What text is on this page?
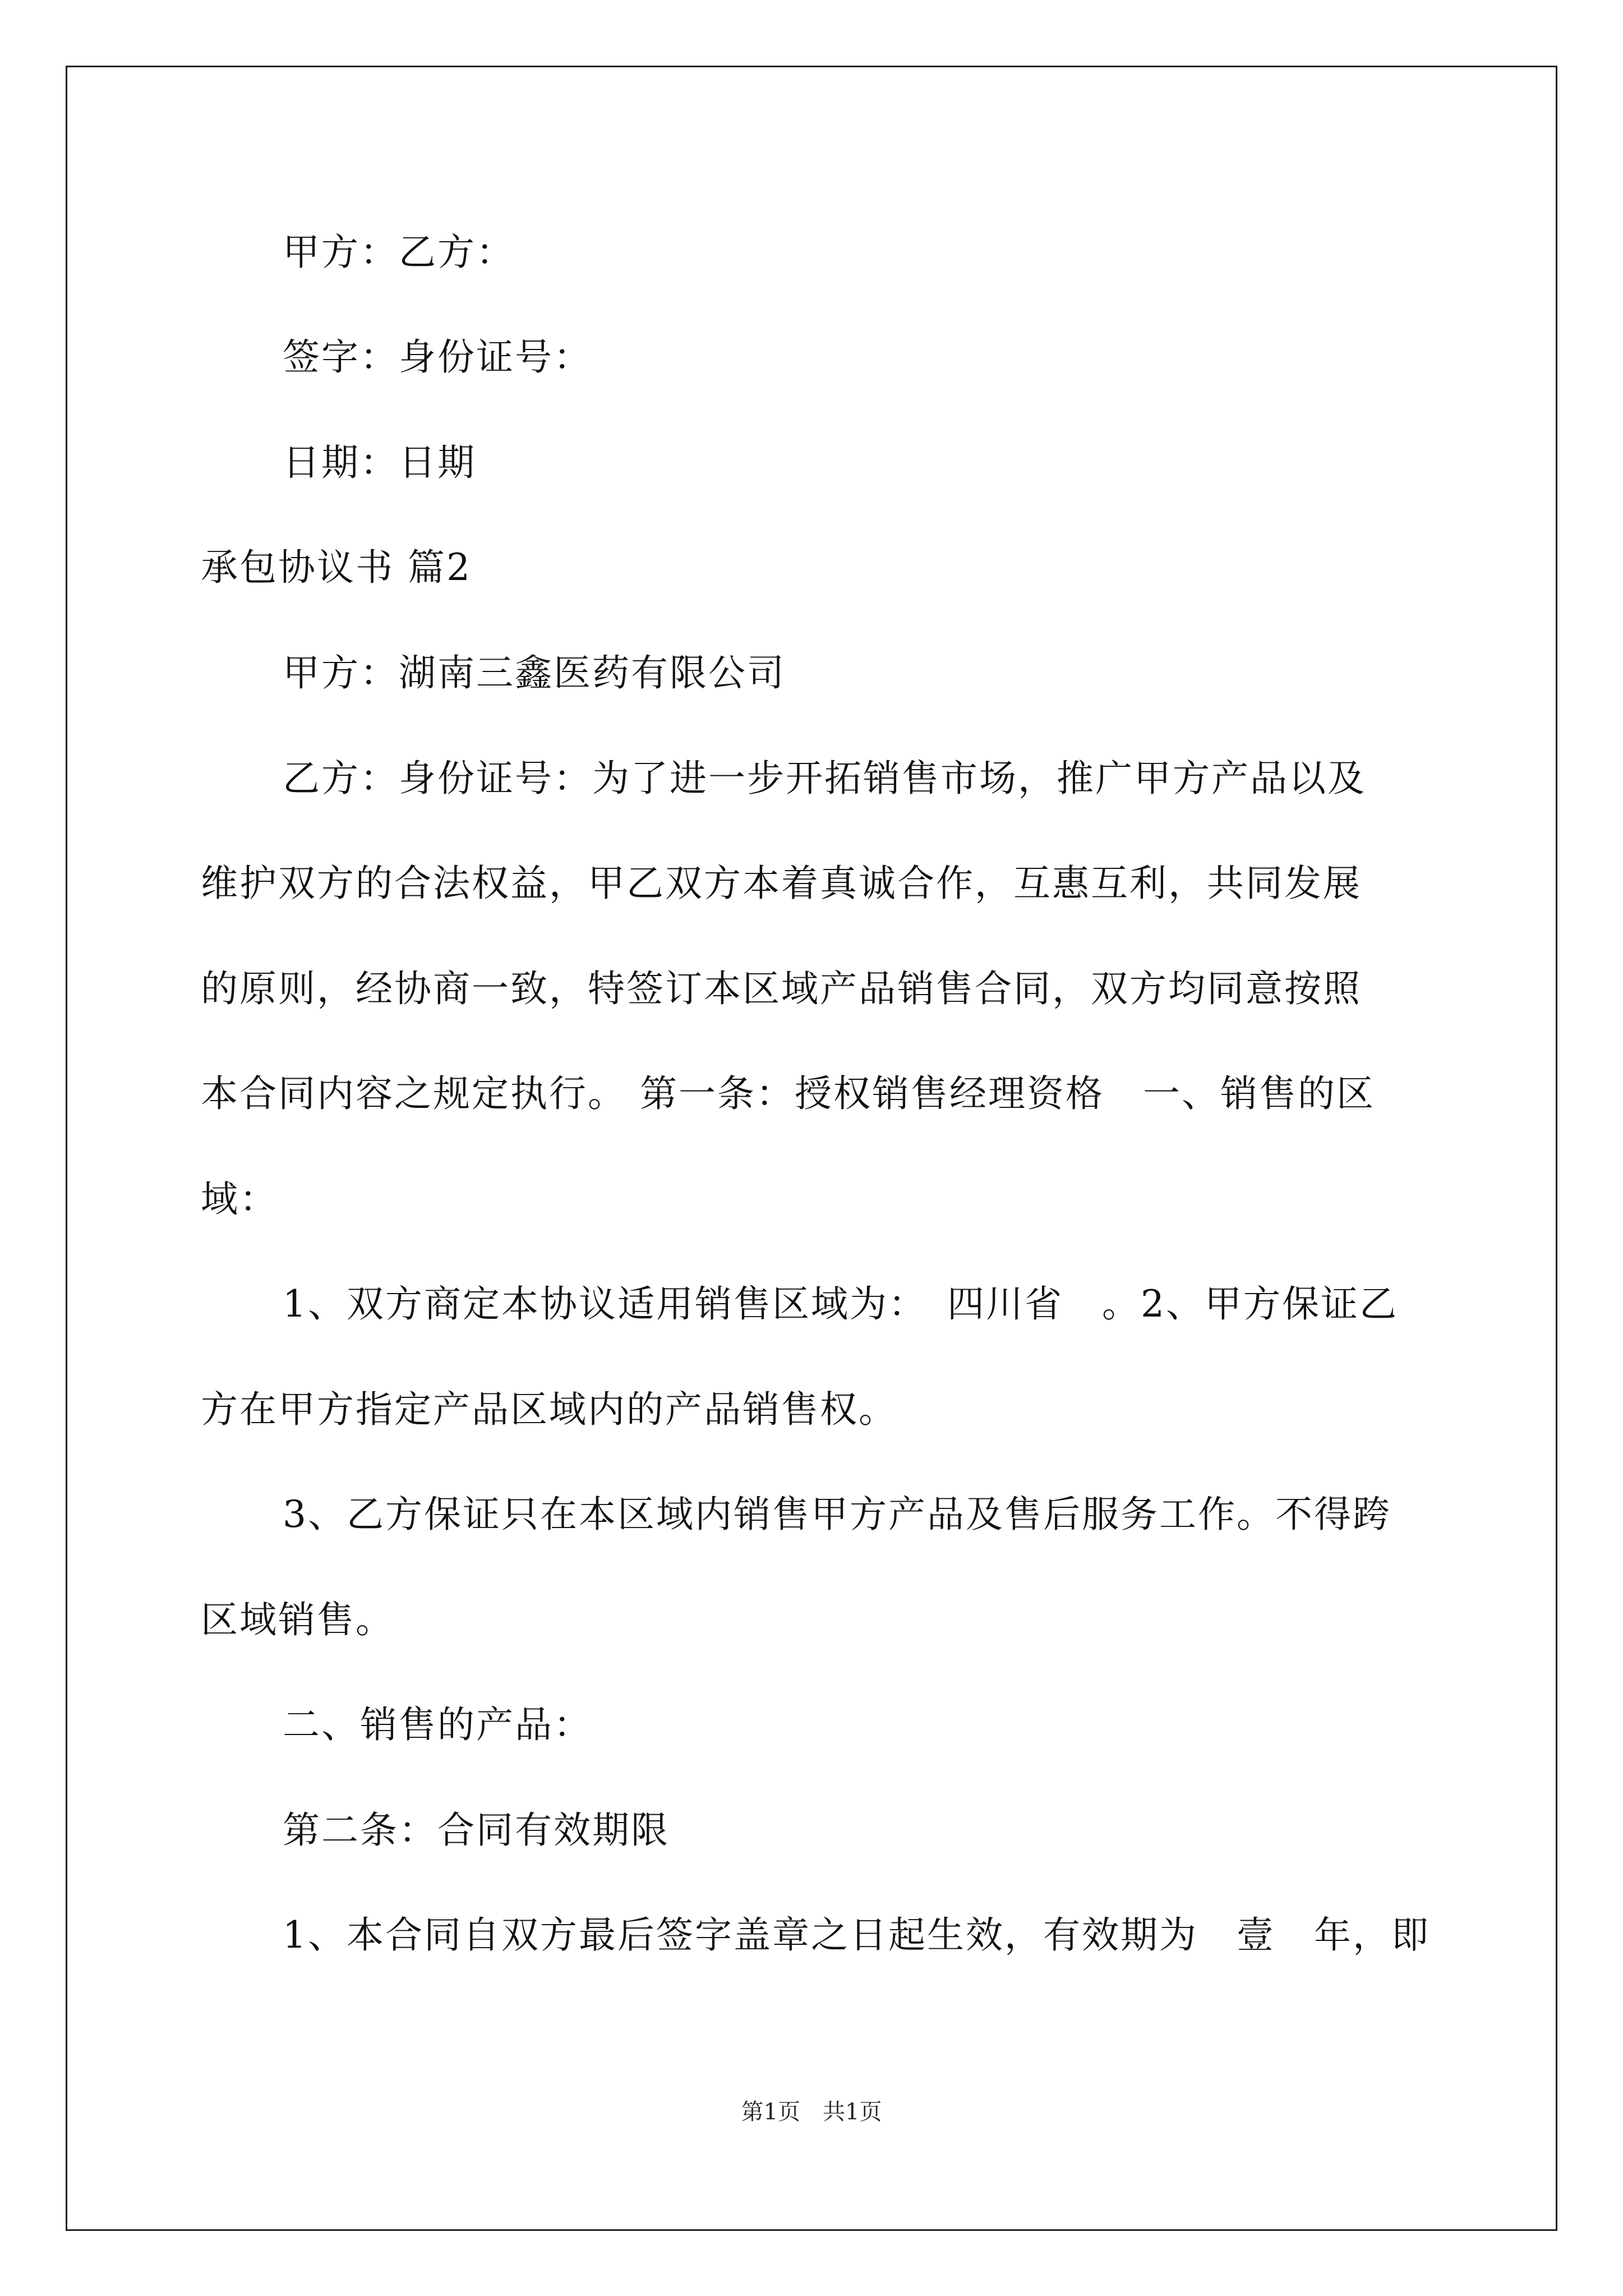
甲方：乙方：
签字：身份证号：
日期：日期
承包协议书 篇2
甲方：湖南三鑫医药有限公司
乙方：身份证号：为了进一步开拓销售市场，推广甲方产品以及
维护双方的合法权益，甲乙双方本着真诚合作，互惠互利，共同发展
的原则，经协商一致，特签订本区域产品销售合同，双方均同意按照
本合同内容之规定执行。 第一条：授权销售经理资格　一、销售的区
域：
1、双方商定本协议适用销售区域为：　四川省　。2、甲方保证乙
方在甲方指定产品区域内的产品销售权。
3、乙方保证只在本区域内销售甲方产品及售后服务工作。不得跨
区域销售。
二、销售的产品：
第二条：合同有效期限
1、本合同自双方最后签字盖章之日起生效，有效期为　壹　年，即
第1页　共1页
